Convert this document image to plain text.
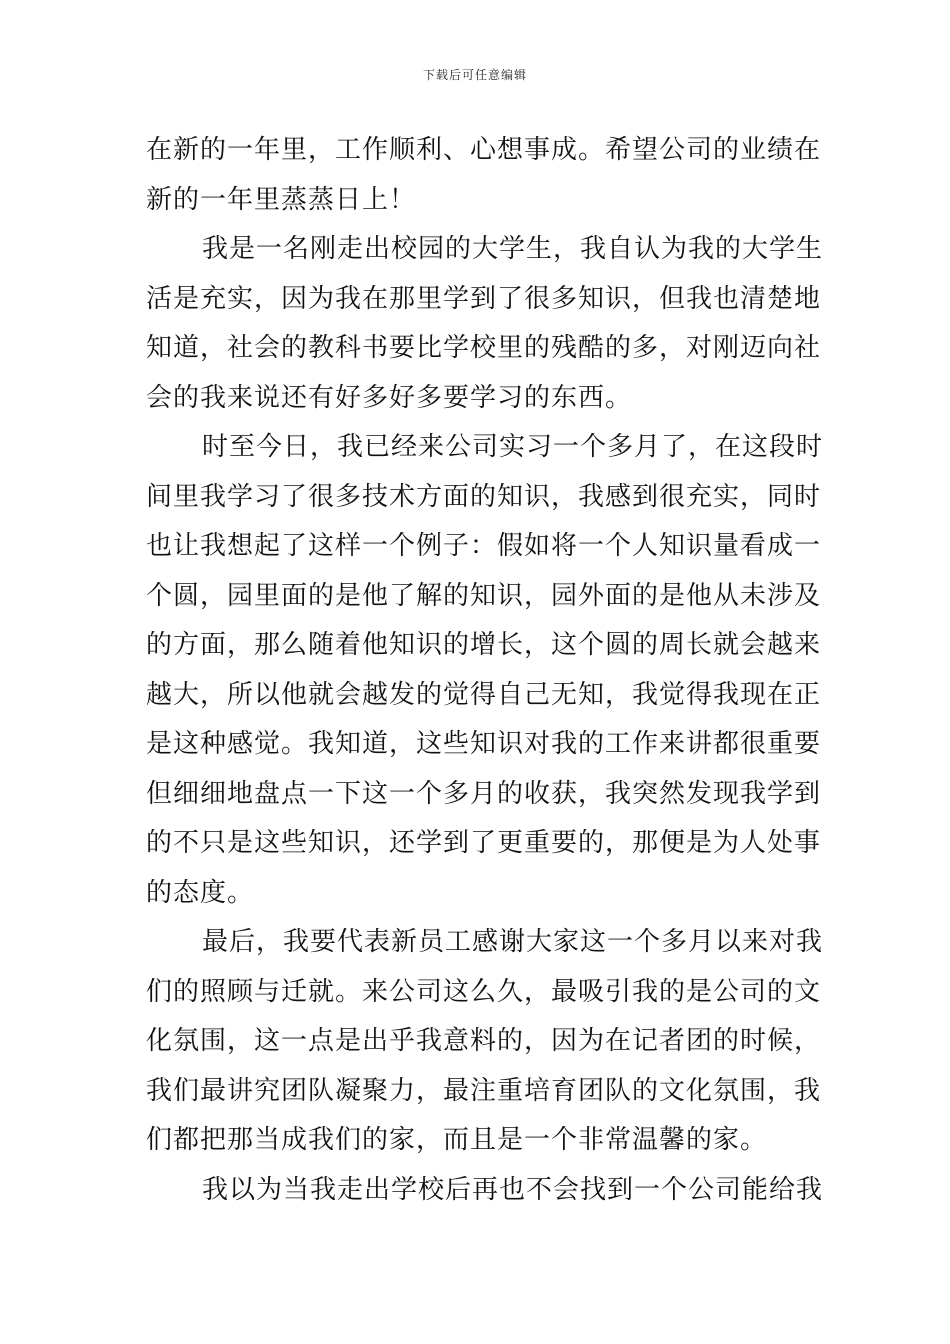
下载后可任意编辑
在新的一年里，工作顺利、心想事成。希望公司的业绩在
新的一年里蒸蒸日上！
我是一名刚走出校园的大学生，我自认为我的大学生
活是充实，因为我在那里学到了很多知识，但我也清楚地
知道，社会的教科书要比学校里的残酷的多，对刚迈向社
会的我来说还有好多好多要学习的东西。
时至今日，我已经来公司实习一个多月了，在这段时
间里我学习了很多技术方面的知识，我感到很充实，同时
也让我想起了这样一个例子：假如将一个人知识量看成一
个圆，园里面的是他了解的知识，园外面的是他从未涉及
的方面，那么随着他知识的增长，这个圆的周长就会越来
越大，所以他就会越发的觉得自己无知，我觉得我现在正
是这种感觉。我知道，这些知识对我的工作来讲都很重要
但细细地盘点一下这一个多月的收获，我突然发现我学到
的不只是这些知识，还学到了更重要的，那便是为人处事
的态度。
最后，我要代表新员工感谢大家这一个多月以来对我
们的照顾与迁就。来公司这么久，最吸引我的是公司的文
化氛围，这一点是出乎我意料的，因为在记者团的时候，
我们最讲究团队凝聚力，最注重培育团队的文化氛围，我
们都把那当成我们的家，而且是一个非常温馨的家。
我以为当我走出学校后再也不会找到一个公司能给我
